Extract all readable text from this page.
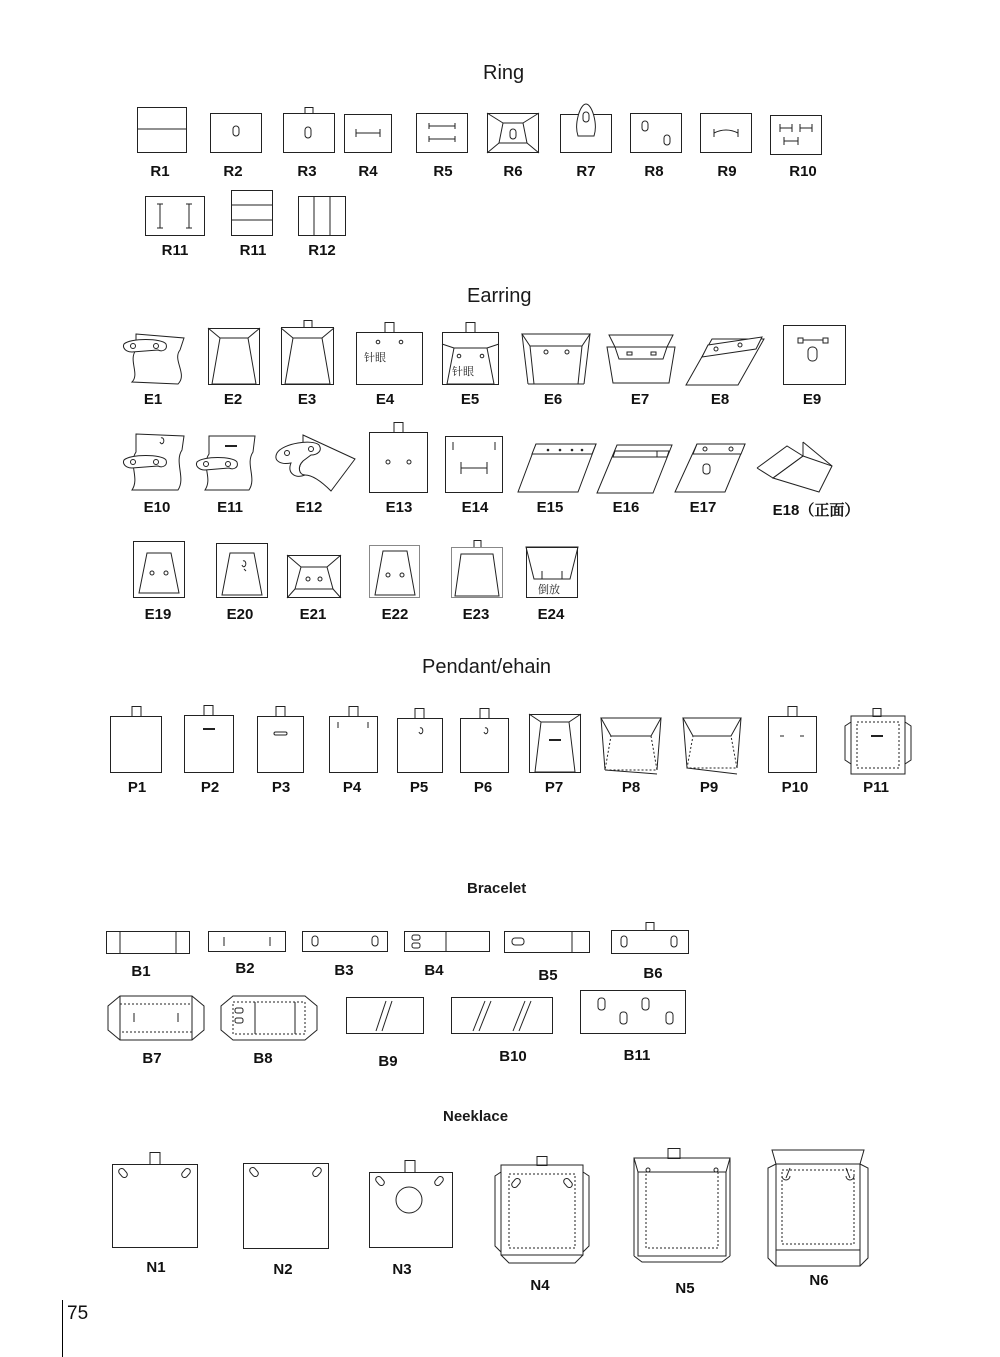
Ring
Earring
Pendant/ehain
Bracelet
Neeklace
R1	R2	R3	R4	R5	R6	R7	R8	R9	R10
R11	R11	R12
针眼
针眼
E1	E2	E3	E4	E5	E6	E7	E8	E9
E10	E11	E12	E13	E14	E15	E16	E17	E18（正面）
倒放
E19	E20	E21	E22	E23	E24
P1	P2	P3	P4	P5	P6	P7	P8	P9	P10	P11
B1	B2	B3	B4	B5	B6
B7	B8	B9	B10	B11
N1	N2	N3
N4	N5	N6
75
